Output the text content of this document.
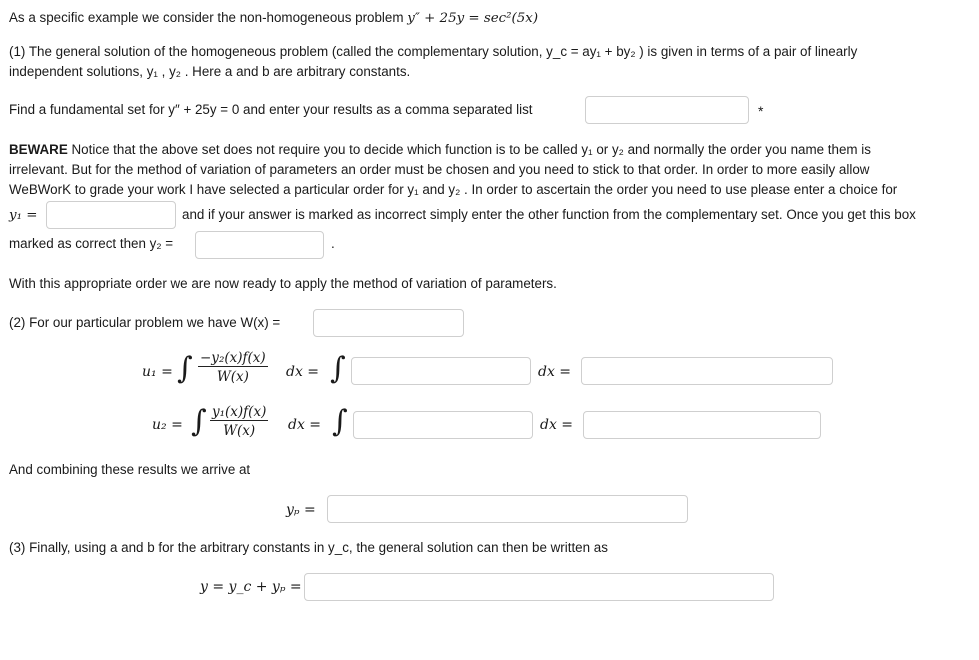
As a specific example we consider the non-homogeneous problem y″ + 25y = sec²(5x)
(1) The general solution of the homogeneous problem (called the complementary solution, y_c = ay₁ + by₂ ) is given in terms of a pair of linearly
independent solutions, y₁ , y₂ . Here a and b are arbitrary constants.
Find a fundamental set for y″ + 25y = 0 and enter your results as a comma separated list	*
BEWARE Notice that the above set does not require you to decide which function is to be called y₁ or y₂ and normally the order you name them is
irrelevant. But for the method of variation of parameters an order must be chosen and you need to stick to that order. In order to more easily allow
WeBWorK to grade your work I have selected a particular order for y₁ and y₂ . In order to ascertain the order you need to use please enter a choice for
y₁ =	and if your answer is marked as incorrect simply enter the other function from the complementary set. Once you get this box
marked as correct then y₂ =	.
With this appropriate order we are now ready to apply the method of variation of parameters.
(2) For our particular problem we have W(x) =
u₁ = ∫ $\frac{\text{−y₂(x)f(x)}}{W(x)}$ dx = ∫	dx =
u₂ = ∫ $\frac{\text{y₁(x)f(x)}}{W(x)}$ dx = ∫	dx =
And combining these results we arrive at
yₚ =
(3) Finally, using a and b for the arbitrary constants in y_c, the general solution can then be written as
y = y_c + yₚ =
